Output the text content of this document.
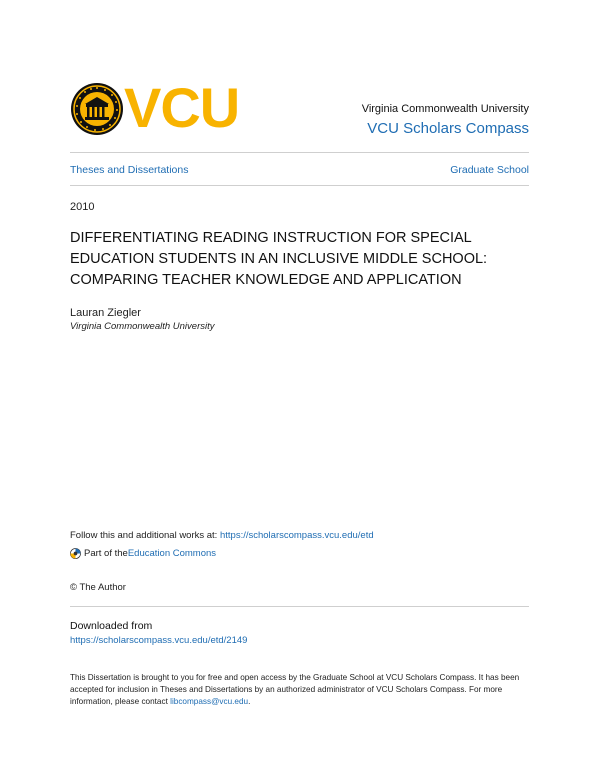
VCU	Virginia Commonwealth University
VCU Scholars Compass
Theses and Dissertations	Graduate School
2010
DIFFERENTIATING READING INSTRUCTION FOR SPECIAL
EDUCATION STUDENTS IN AN INCLUSIVE MIDDLE SCHOOL:
COMPARING TEACHER KNOWLEDGE AND APPLICATION
Lauran Ziegler
Virginia Commonwealth University
Follow this and additional works at: https://scholarscompass.vcu.edu/etd
Part of the Education Commons
© The Author
Downloaded from
https://scholarscompass.vcu.edu/etd/2149
This Dissertation is brought to you for free and open access by the Graduate School at VCU Scholars Compass. It has been accepted for inclusion in Theses and Dissertations by an authorized administrator of VCU Scholars Compass. For more information, please contact libcompass@vcu.edu.
